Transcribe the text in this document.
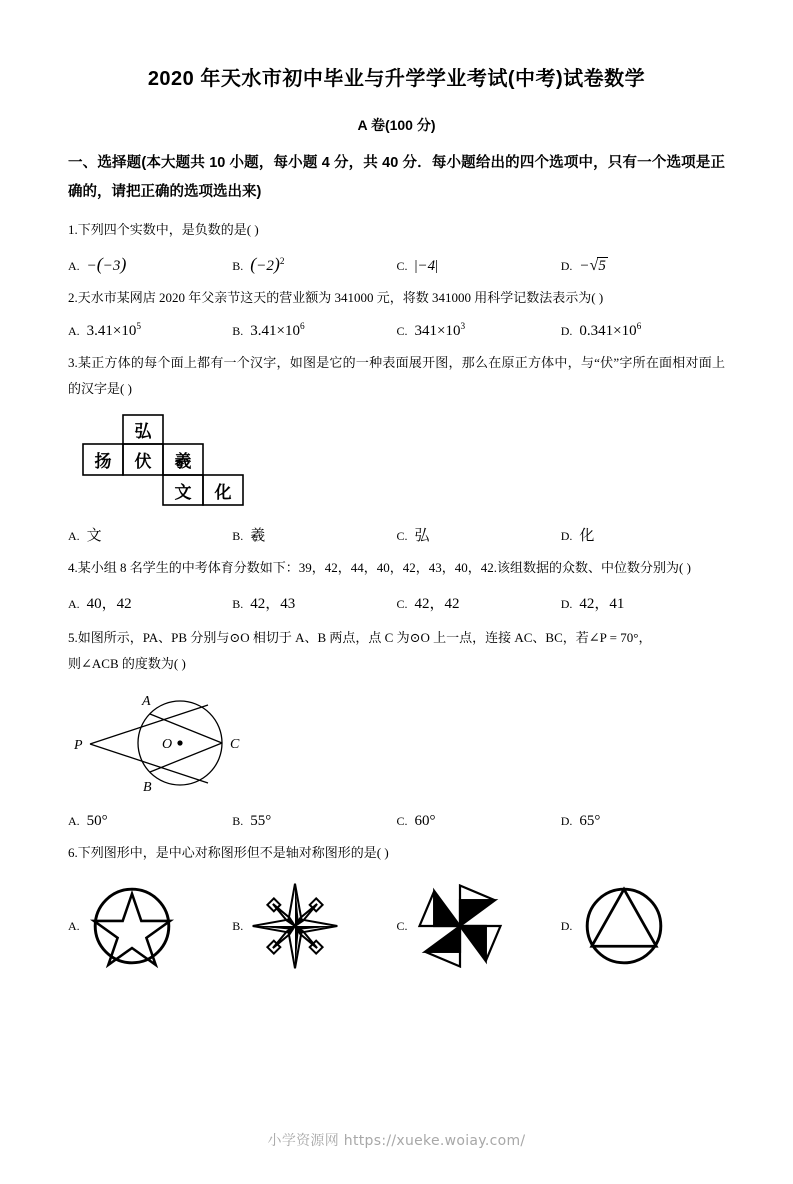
2020 年天水市初中毕业与升学学业考试(中考)试卷数学
A 卷(100 分)
一、选择题(本大题共 10 小题，每小题 4 分，共 40 分．每小题给出的四个选项中，只有一个选项是正确的，请把正确的选项选出来)
1.下列四个实数中，是负数的是( )
A. −(−3)	B. $(-2)^2$	C. |−4|	D. − √ 5
2.天水市某网店 2020 年父亲节这天的营业额为 341000 元，将数 341000 用科学记数法表示为( )
A. $3.41\times 10^5$	B. $3.41\times 10^6$	C. $341\times 10^3$	D. $0.341\times 10^6$
3.某正方体的每个面上都有一个汉字，如图是它的一种表面展开图，那么在原正方体中，与“伏”字所在面相对面上的汉字是( )
弘
扬 伏 羲
文 化
A. 文	B. 羲	C. 弘	D. 化
4.某小组 8 名学生的中考体育分数如下：39，42，44，40，42，43，40，42.该组数据的众数、中位数分别为( )
A. 40，42	B. 42，43	C. 42，42	D. 42，41
5.如图所示，PA、PB 分别与⊙O 相切于 A、B 两点，点 C 为⊙O 上一点，连接 AC、BC，若∠P = 70°，
则∠ACB 的度数为( )
P
A
O
B
C
A. 50°	B. 55°	C. 60°	D. 65°
6.下列图形中，是中心对称图形但不是轴对称图形的是( )
A.	B.	C.	D.
小学资源网 https://xueke.woiay.com/
